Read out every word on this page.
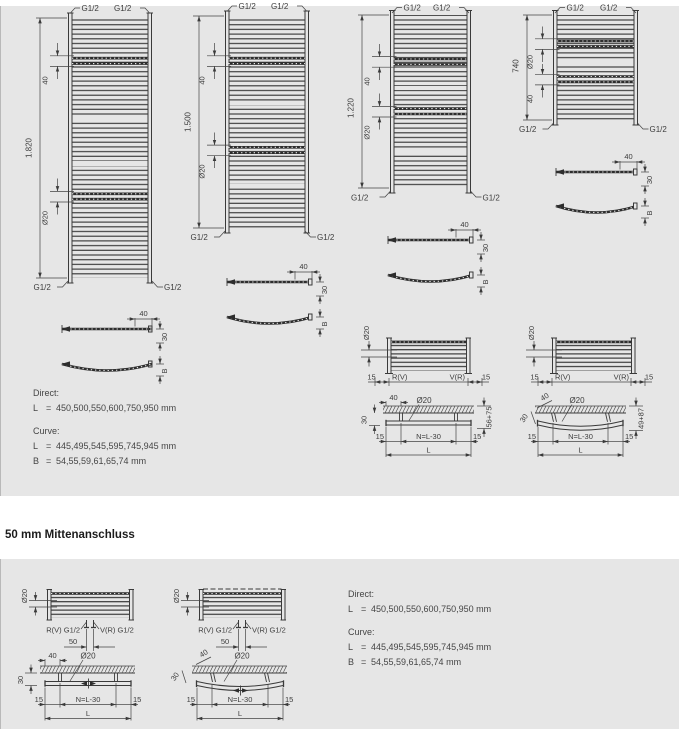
50 mm Mittenanschluss
Direct:
L = 450,500,550,600,750,950 mm
Curve:
L = 445,495,545,595,745,945 mm
B = 54,55,59,61,65,74 mm
Direct:
L = 450,500,550,600,750,950 mm
Curve:
L = 445,495,545,595,745,945 mm
B = 54,55,59,61,65,74 mm
1.820
40
Ø20
G1/2 G1/2
G1/2	G1/2
1.500
40
Ø20
G1/2 G1/2
G1/2	G1/2
1.220
40
Ø20
G1/2 G1/2
G1/2	G1/2
740 Ø20
40
G1/2 G1/2
G1/2	G1/2
40
30
B
40
30
B
40
30
B
40
30
B
Ø20
15 R(V)	V(R) 15
Ø20
15 R(V)	V(R) 15
40 Ø20
30	56+75
15	N=L-30	15
L
40 Ø20
30	49+87
15	N=L-30	15
L
Ø20
R(V) G1/2	V(R) G1/2
50
Ø20
R(V) G1/2	V(R) G1/2
50
40	Ø20
30
15	N=L-30	15
L
40	Ø20
30
15	N=L-30	15
L
